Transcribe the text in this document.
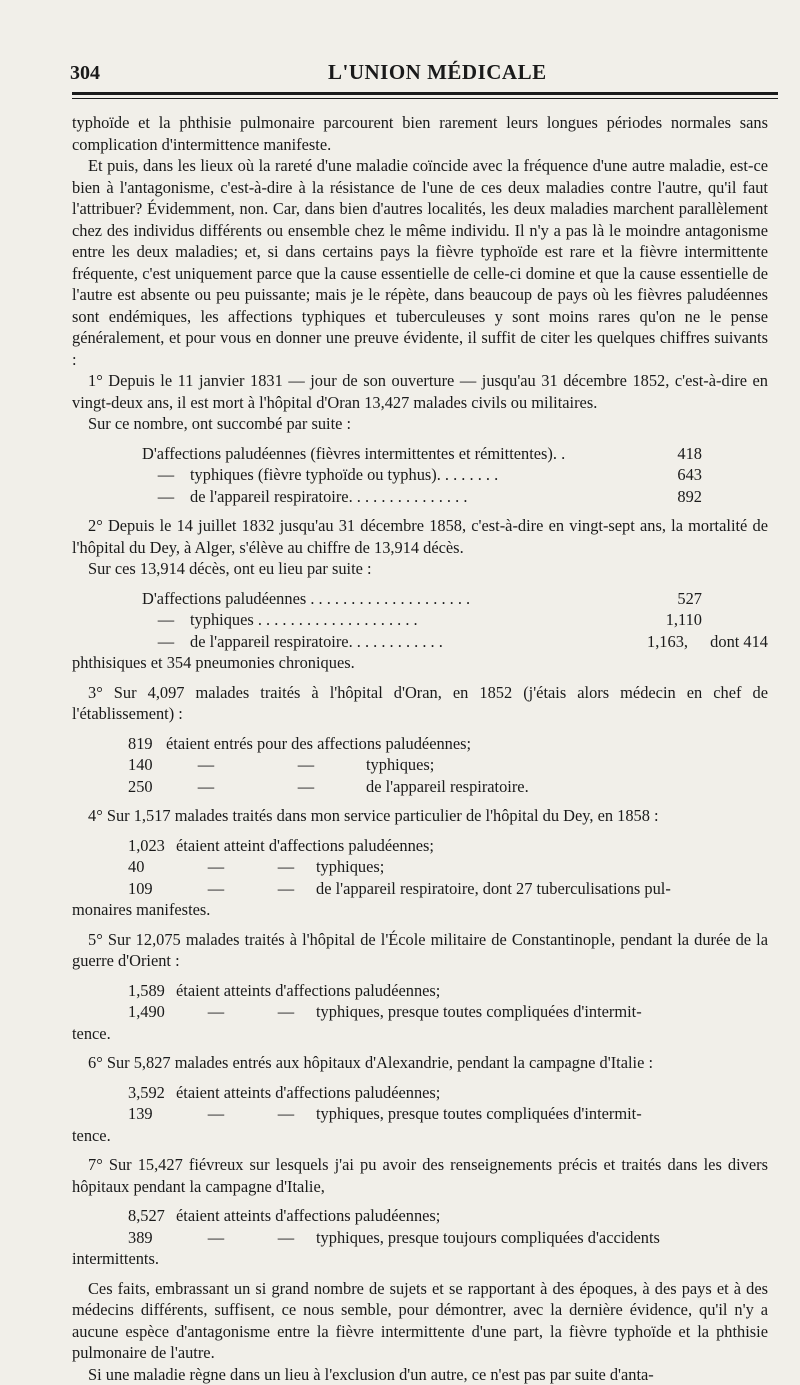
304	L'UNION MÉDICALE

typhoïde et la phthisie pulmonaire parcourent bien rarement leurs longues périodes normales sans complication d'intermittence manifeste.

Et puis, dans les lieux où la rareté d'une maladie coïncide avec la fréquence d'une autre maladie, est-ce bien à l'antagonisme, c'est-à-dire à la résistance de l'une de ces deux maladies contre l'autre, qu'il faut l'attribuer? Évidemment, non. Car, dans bien d'autres localités, les deux maladies marchent parallèlement chez des individus différents ou ensemble chez le même individu. Il n'y a pas là le moindre antagonisme entre les deux maladies; et, si dans certains pays la fièvre typhoïde est rare et la fièvre intermittente fréquente, c'est uniquement parce que la cause essentielle de celle-ci domine et que la cause essentielle de l'autre est absente ou peu puissante; mais je le répète, dans beaucoup de pays où les fièvres paludéennes sont endémiques, les affections typhiques et tuberculeuses y sont moins rares qu'on ne le pense généralement, et pour vous en donner une preuve évidente, il suffit de citer les quelques chiffres suivants :

1° Depuis le 11 janvier 1831 — jour de son ouverture — jusqu'au 31 décembre 1852, c'est-à-dire en vingt-deux ans, il est mort à l'hôpital d'Oran 13,427 malades civils ou militaires.

Sur ce nombre, ont succombé par suite :

D'affections paludéennes (fièvres intermittentes et rémittentes). .	418
— typhiques (fièvre typhoïde ou typhus). . . . . . . .	643
— de l'appareil respiratoire. . . . . . . . . . . . . . .	892

2° Depuis le 14 juillet 1832 jusqu'au 31 décembre 1858, c'est-à-dire en vingt-sept ans, la mortalité de l'hôpital du Dey, à Alger, s'élève au chiffre de 13,914 décès.

Sur ces 13,914 décès, ont eu lieu par suite :

D'affections paludéennes . . . . . . . . . . . . . . . . . . . .	527
— typhiques . . . . . . . . . . . . . . . . . . . .	1,110
— de l'appareil respiratoire. . . . . . . . . . . .	1,163,	dont 414

phthisiques et 354 pneumonies chroniques.

3° Sur 4,097 malades traités à l'hôpital d'Oran, en 1852 (j'étais alors médecin en chef de l'établissement) :

819 étaient entrés pour des affections paludéennes;
140	—	—	typhiques;
250	—	—	de l'appareil respiratoire.

4° Sur 1,517 malades traités dans mon service particulier de l'hôpital du Dey, en 1858 :

1,023 étaient atteint d'affections paludéennes;
40	—	—	typhiques;
109	—	—	de l'appareil respiratoire, dont 27 tuberculisations pul-

monaires manifestes.

5° Sur 12,075 malades traités à l'hôpital de l'École militaire de Constantinople, pendant la durée de la guerre d'Orient :

1,589 étaient atteints d'affections paludéennes;
1,490	—	—	typhiques, presque toutes compliquées d'intermit-

tence.

6° Sur 5,827 malades entrés aux hôpitaux d'Alexandrie, pendant la campagne d'Italie :

3,592 étaient atteints d'affections paludéennes;
139	—	—	typhiques, presque toutes compliquées d'intermit-

tence.

7° Sur 15,427 fiévreux sur lesquels j'ai pu avoir des renseignements précis et traités dans les divers hôpitaux pendant la campagne d'Italie,

8,527 étaient atteints d'affections paludéennes;
389	—	—	typhiques, presque toujours compliquées d'accidents

intermittents.

Ces faits, embrassant un si grand nombre de sujets et se rapportant à des époques, à des pays et à des médecins différents, suffisent, ce nous semble, pour démontrer, avec la dernière évidence, qu'il n'y a aucune espèce d'antagonisme entre la fièvre intermittente d'une part, la fièvre typhoïde et la phthisie pulmonaire de l'autre.

Si une maladie règne dans un lieu à l'exclusion d'un autre, ce n'est pas par suite d'anta-
